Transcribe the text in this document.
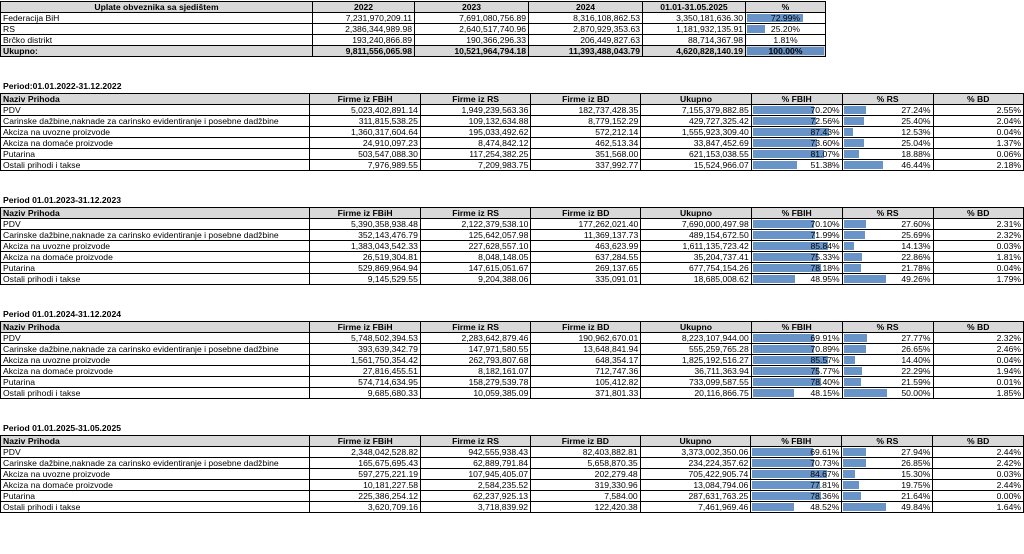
Uplate obveznika sa sjedištem	2022	2023	2024	01.01-31.05.2025	%
Federacija BiH	7,231,970,209.11	7,691,080,756.89	8,316,108,862.53	3,350,181,636.30	72.99%
RS	2,386,344,989.98	2,640,517,740.96	2,870,929,353.63	1,181,932,135.91	25.20%
Brčko distrikt	193,240,866.89	190,366,296.33	206,449,827.63	88,714,367.98	1.81%
Ukupno:	9,811,556,065.98	10,521,964,794.18	11,393,488,043.79	4,620,828,140.19	100.00%
Period:01.01.2022-31.12.2022
Naziv Prihoda	Firme iz FBiH	Firme iz RS	Firme iz BD	Ukupno	% FBIH	% RS	% BD
PDV	5,023,402,891.14	1,949,239,563.36	182,737,428.35	7,155,379,882.85	70.20%	27.24%	2.55%
Carinske dažbine,naknade za carinsko evidentiranje i posebne dadžbine	311,815,538.25	109,132,634.88	8,779,152.29	429,727,325.42	72.56%	25.40%	2.04%
Akciza na uvozne proizvode	1,360,317,604.64	195,033,492.62	572,212.14	1,555,923,309.40	87.43%	12.53%	0.04%
Akciza na domaće proizvode	24,910,097.23	8,474,842.12	462,513.34	33,847,452.69	73.60%	25.04%	1.37%
Putarina	503,547,088.30	117,254,382.25	351,568.00	621,153,038.55	81.07%	18.88%	0.06%
Ostali prihodi i takse	7,976,989.55	7,209,983.75	337,992.77	15,524,966.07	51.38%	46.44%	2.18%
Period 01.01.2023-31.12.2023
Naziv Prihoda	Firme iz FBiH	Firme iz RS	Firme iz BD	Ukupno	% FBIH	% RS	% BD
PDV	5,390,358,938.48	2,122,379,538.10	177,262,021.40	7,690,000,497.98	70.10%	27.60%	2.31%
Carinske dažbine,naknade za carinsko evidentiranje i posebne dadžbine	352,143,476.79	125,642,057.98	11,369,137.73	489,154,672.50	71.99%	25.69%	2.32%
Akciza na uvozne proizvode	1,383,043,542.33	227,628,557.10	463,623.99	1,611,135,723.42	85.84%	14.13%	0.03%
Akciza na domaće proizvode	26,519,304.81	8,048,148.05	637,284.55	35,204,737.41	75.33%	22.86%	1.81%
Putarina	529,869,964.94	147,615,051.67	269,137.65	677,754,154.26	78.18%	21.78%	0.04%
Ostali prihodi i takse	9,145,529.55	9,204,388.06	335,091.01	18,685,008.62	48.95%	49.26%	1.79%
Period 01.01.2024-31.12.2024
Naziv Prihoda	Firme iz FBiH	Firme iz RS	Firme iz BD	Ukupno	% FBIH	% RS	% BD
PDV	5,748,502,394.53	2,283,642,879.46	190,962,670.01	8,223,107,944.00	69.91%	27.77%	2.32%
Carinske dažbine,naknade za carinsko evidentiranje i posebne dadžbine	393,639,342.79	147,971,580.55	13,648,841.94	555,259,765.28	70.89%	26.65%	2.46%
Akciza na uvozne proizvode	1,561,750,354.42	262,793,807.68	648,354.17	1,825,192,516.27	85.57%	14.40%	0.04%
Akciza na domaće proizvode	27,816,455.51	8,182,161.07	712,747.36	36,711,363.94	75.77%	22.29%	1.94%
Putarina	574,714,634.95	158,279,539.78	105,412.82	733,099,587.55	78.40%	21.59%	0.01%
Ostali prihodi i takse	9,685,680.33	10,059,385.09	371,801.33	20,116,866.75	48.15%	50.00%	1.85%
Period 01.01.2025-31.05.2025
Naziv Prihoda	Firme iz FBiH	Firme iz RS	Firme iz BD	Ukupno	% FBIH	% RS	% BD
PDV	2,348,042,528.82	942,555,938.43	82,403,882.81	3,373,002,350.06	69.61%	27.94%	2.44%
Carinske dažbine,naknade za carinsko evidentiranje i posebne dadžbine	165,675,695.43	62,889,791.84	5,658,870.35	234,224,357.62	70.73%	26.85%	2.42%
Akciza na uvozne proizvode	597,275,221.19	107,945,405.07	202,279.48	705,422,905.74	84.67%	15.30%	0.03%
Akciza na domaće proizvode	10,181,227.58	2,584,235.52	319,330.96	13,084,794.06	77.81%	19.75%	2.44%
Putarina	225,386,254.12	62,237,925.13	7,584.00	287,631,763.25	78.36%	21.64%	0.00%
Ostali prihodi i takse	3,620,709.16	3,718,839.92	122,420.38	7,461,969.46	48.52%	49.84%	1.64%
